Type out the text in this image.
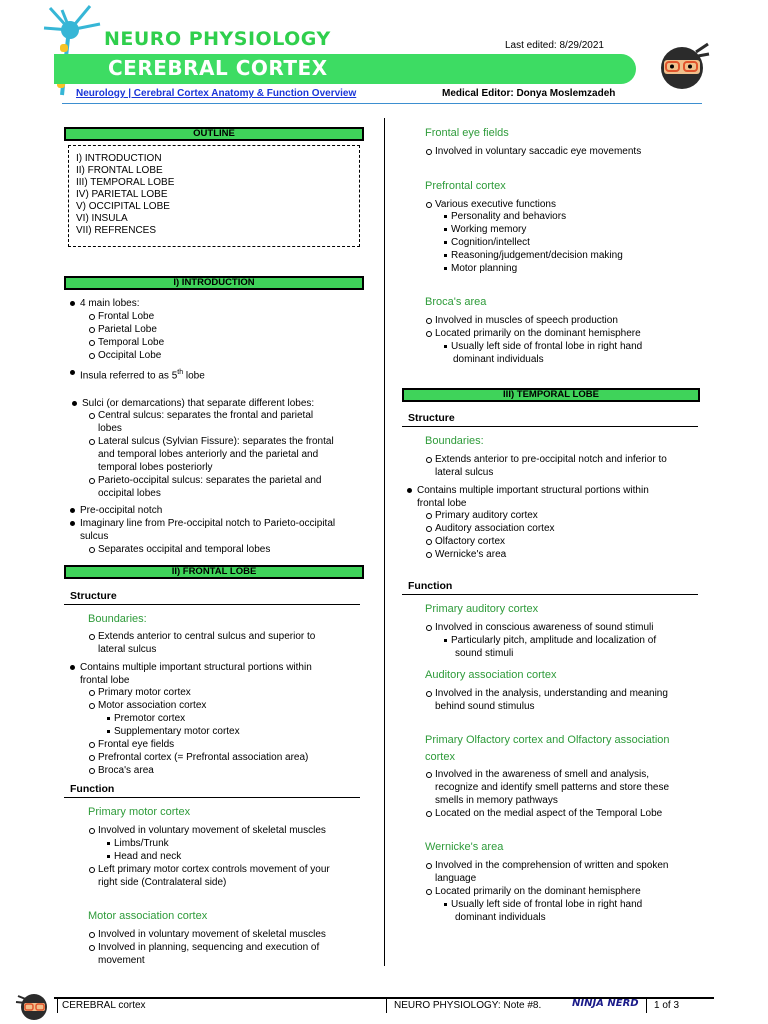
NEURO PHYSIOLOGY
CEREBRAL CORTEX
Last edited: 8/29/2021
Neurology | Cerebral Cortex Anatomy & Function Overview	Medical Editor: Donya Moslemzadeh
OUTLINE
I) INTRODUCTION
II) FRONTAL LOBE
III) TEMPORAL LOBE
IV) PARIETAL LOBE
V) OCCIPITAL LOBE
VI) INSULA
VII) REFRENCES
I) INTRODUCTION
4 main lobes:
Frontal Lobe
Parietal Lobe
Temporal Lobe
Occipital Lobe
Insula referred to as 5th lobe
Sulci (or demarcations) that separate different lobes:
Central sulcus: separates the frontal and parietal
lobes
Lateral sulcus (Sylvian Fissure): separates the frontal
and temporal lobes anteriorly and the parietal and
temporal lobes posteriorly
Parieto-occipital sulcus: separates the parietal and
occipital lobes
Pre-occipital notch
Imaginary line from Pre-occipital notch to Parieto-occipital
sulcus
Separates occipital and temporal lobes
II) FRONTAL LOBE
Structure
Boundaries:
Extends anterior to central sulcus and superior to
lateral sulcus
Contains multiple important structural portions within
frontal lobe
Primary motor cortex
Motor association cortex
Premotor cortex
Supplementary motor cortex
Frontal eye fields
Prefrontal cortex (= Prefrontal association area)
Broca's area
Function
Primary motor cortex
Involved in voluntary movement of skeletal muscles
Limbs/Trunk
Head and neck
Left primary motor cortex controls movement of your
right side (Contralateral side)
Motor association cortex
Involved in voluntary movement of skeletal muscles
Involved in planning, sequencing and execution of
movement
Frontal eye fields
Involved in voluntary saccadic eye movements
Prefrontal cortex
Various executive functions
Personality and behaviors
Working memory
Cognition/intellect
Reasoning/judgement/decision making
Motor planning
Broca's area
Involved in muscles of speech production
Located primarily on the dominant hemisphere
Usually left side of frontal lobe in right hand
dominant individuals
III) TEMPORAL LOBE
Structure
Boundaries:
Extends anterior to pre-occipital notch and inferior to
lateral sulcus
Contains multiple important structural portions within
frontal lobe
Primary auditory cortex
Auditory association cortex
Olfactory cortex
Wernicke's area
Function
Primary auditory cortex
Involved in conscious awareness of sound stimuli
Particularly pitch, amplitude and localization of
sound stimuli
Auditory association cortex
Involved in the analysis, understanding and meaning
behind sound stimulus
Primary Olfactory cortex and Olfactory association
cortex
Involved in the awareness of smell and analysis,
recognize and identify smell patterns and store these
smells in memory pathways
Located on the medial aspect of the Temporal Lobe
Wernicke's area
Involved in the comprehension of written and spoken
language
Located primarily on the dominant hemisphere
Usually left side of frontal lobe in right hand
dominant individuals
CEREBRAL cortex	NEURO PHYSIOLOGY: Note #8.	NINJA NERD 1 of 3
